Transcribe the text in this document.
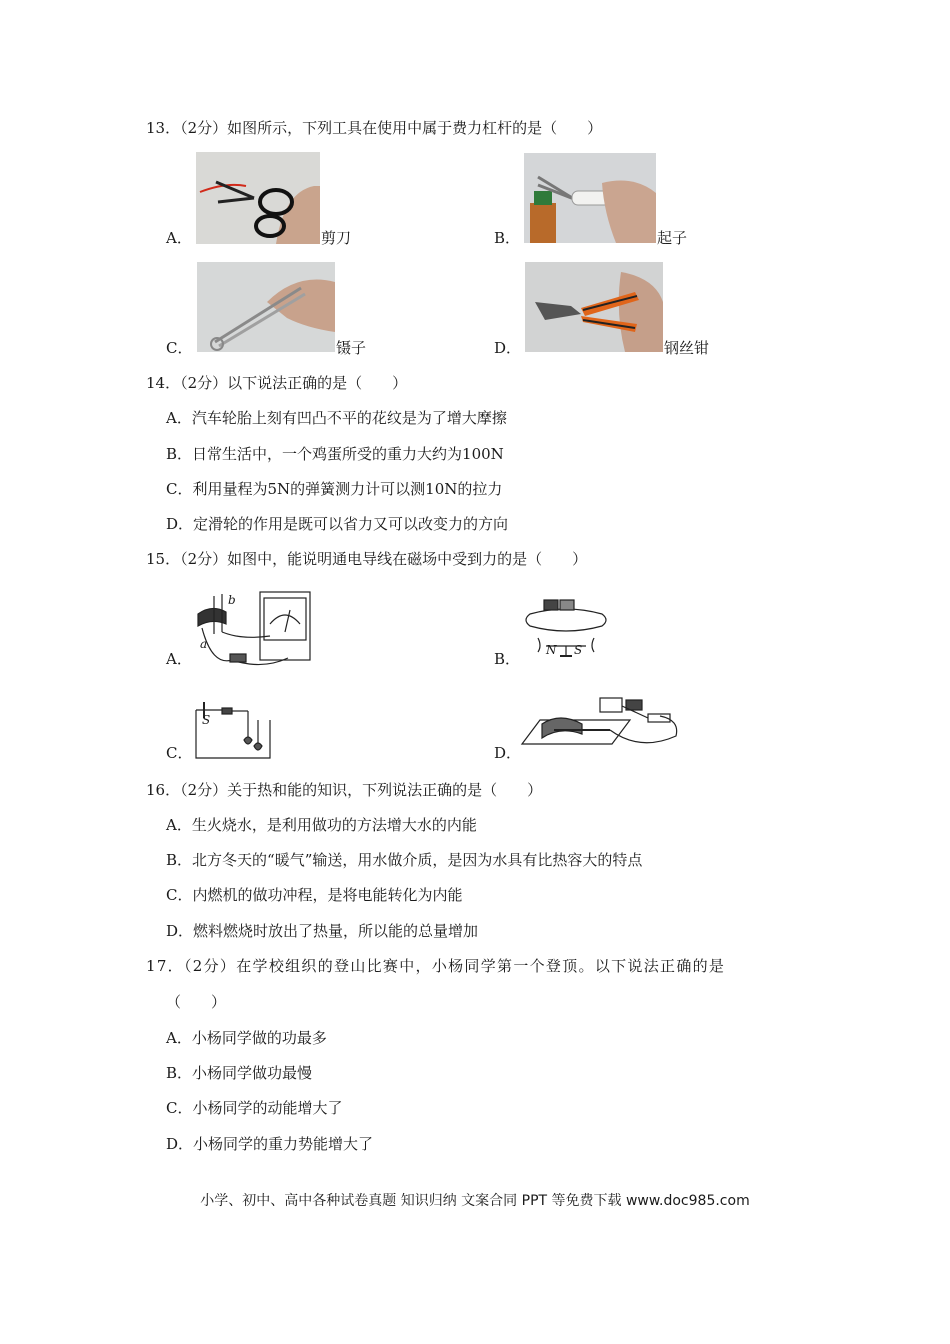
13．（2分）如图所示，下列工具在使用中属于费力杠杆的是（　　）
A．	剪刀	B．	起子
C．	镊子	D．	钢丝钳
14．（2分）以下说法正确的是（　　）
A．汽车轮胎上刻有凹凸不平的花纹是为了增大摩擦
B．日常生活中，一个鸡蛋所受的重力大约为100N
C．利用量程为5N的弹簧测力计可以测10N的拉力
D．定滑轮的作用是既可以省力又可以改变力的方向
15．（2分）如图中，能说明通电导线在磁场中受到力的是（　　）
A．
b
a
B． N S
C．
S
D．
16．（2分）关于热和能的知识，下列说法正确的是（　　）
A．生火烧水，是利用做功的方法增大水的内能
B．北方冬天的“暖气”输送，用水做介质，是因为水具有比热容大的特点
C．内燃机的做功冲程，是将电能转化为内能
D．燃料燃烧时放出了热量，所以能的总量增加
17．（2分）在学校组织的登山比赛中，小杨同学第一个登顶。以下说法正确的是
（　　）
A．小杨同学做的功最多
B．小杨同学做功最慢
C．小杨同学的动能增大了
D．小杨同学的重力势能增大了
小学、初中、高中各种试卷真题 知识归纳 文案合同 PPT 等免费下载 www.doc985.com
